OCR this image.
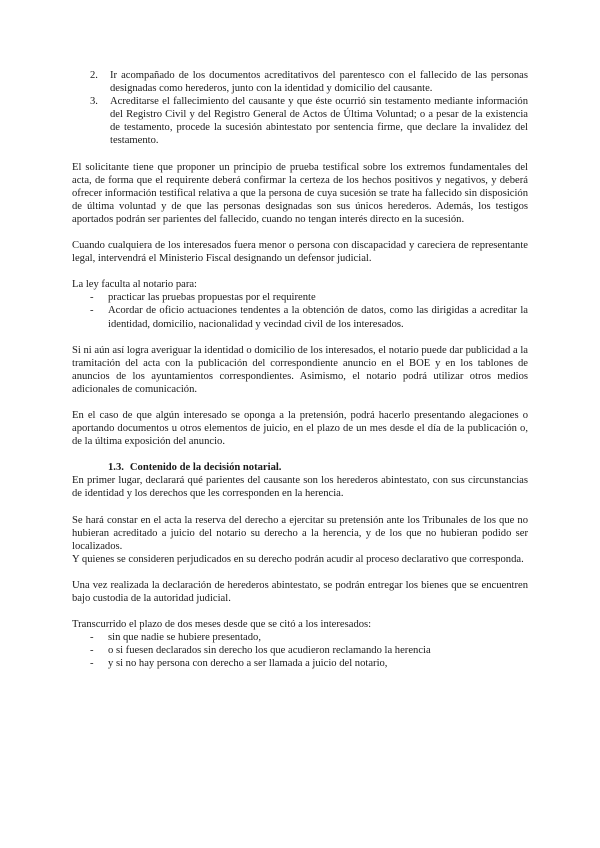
2. Ir acompañado de los documentos acreditativos del parentesco con el fallecido de las personas designadas como herederos, junto con la identidad y domicilio del causante.
3. Acreditarse el fallecimiento del causante y que éste ocurrió sin testamento mediante información del Registro Civil y del Registro General de Actos de Última Voluntad; o a pesar de la existencia de testamento, procede la sucesión abintestato por sentencia firme, que declare la invalidez del testamento.

El solicitante tiene que proponer un principio de prueba testifical sobre los extremos fundamentales del acta, de forma que el requirente deberá confirmar la certeza de los hechos positivos y negativos, y deberá ofrecer información testifical relativa a que la persona de cuya sucesión se trate ha fallecido sin disposición de última voluntad y de que las personas designadas son sus únicos herederos. Además, los testigos aportados podrán ser parientes del fallecido, cuando no tengan interés directo en la sucesión.

Cuando cualquiera de los interesados fuera menor o persona con discapacidad y careciera de representante legal, intervendrá el Ministerio Fiscal designando un defensor judicial.

La ley faculta al notario para:

- practicar las pruebas propuestas por el requirente
- Acordar de oficio actuaciones tendentes a la obtención de datos, como las dirigidas a acreditar la identidad, domicilio, nacionalidad y vecindad civil de los interesados.

Si ni aún así logra averiguar la identidad o domicilio de los interesados, el notario puede dar publicidad a la tramitación del acta con la publicación del correspondiente anuncio en el BOE y en los tablones de anuncios de los ayuntamientos correspondientes. Asimismo, el notario podrá utilizar otros medios adicionales de comunicación.

En el caso de que algún interesado se oponga a la pretensión, podrá hacerlo presentando alegaciones o aportando documentos u otros elementos de juicio, en el plazo de un mes desde el día de la publicación o, de la última exposición del anuncio.

1.3. Contenido de la decisión notarial.

En primer lugar, declarará qué parientes del causante son los herederos abintestato, con sus circunstancias de identidad y los derechos que les corresponden en la herencia.

Se hará constar en el acta la reserva del derecho a ejercitar su pretensión ante los Tribunales de los que no hubieran acreditado a juicio del notario su derecho a la herencia, y de los que no hubieran podido ser localizados.

Y quienes se consideren perjudicados en su derecho podrán acudir al proceso declarativo que corresponda.

Una vez realizada la declaración de herederos abintestato, se podrán entregar los bienes que se encuentren bajo custodia de la autoridad judicial.

Transcurrido el plazo de dos meses desde que se citó a los interesados:

- sin que nadie se hubiere presentado,
- o si fuesen declarados sin derecho los que acudieron reclamando la herencia
- y si no hay persona con derecho a ser llamada a juicio del notario,
